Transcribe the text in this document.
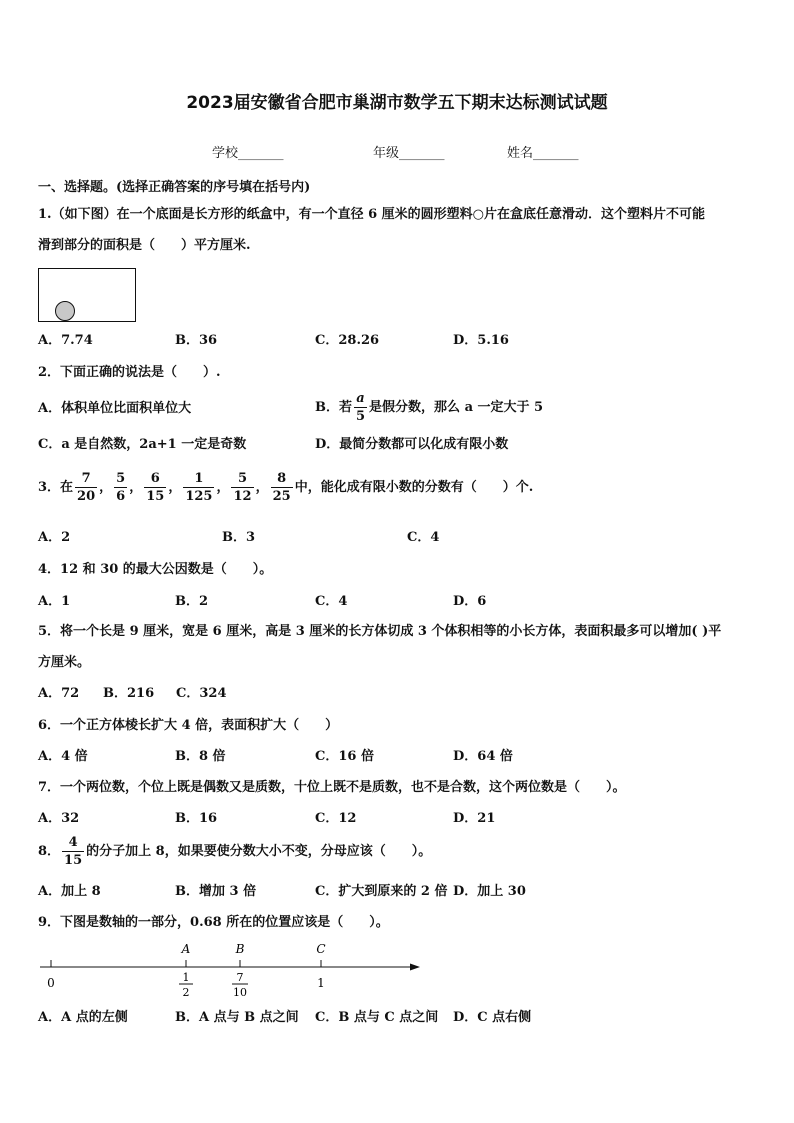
2023届安徽省合肥市巢湖市数学五下期末达标测试试题
学校_______	年级_______	姓名_______
一、选择题。(选择正确答案的序号填在括号内)
1.（如下图）在一个底面是长方形的纸盒中，有一个直径 6 厘米的圆形塑料○片在盒底任意滑动．这个塑料片不可能
滑到部分的面积是（　　）平方厘米.
A．7.74	B．36	C．28.26	D．5.16
2．下面正确的说法是（　　）.
A．体积单位比面积单位大	B．若 $\frac{a}{5}$ 是假分数，那么 a 一定大于 5
C．a 是自然数，2a+1 一定是奇数	D．最简分数都可以化成有限小数
3．在 $\frac{7}{20}$ ， $\frac{5}{6}$ ， $\frac{6}{15}$ ， $\frac{1}{125}$ ， $\frac{5}{12}$ ， $\frac{8}{25}$ 中，能化成有限小数的分数有（　　）个.
A．2	B．3	C．4
4．12 和 30 的最大公因数是（　　）。
A．1	B．2	C．4	D．6
5．将一个长是 9 厘米，宽是 6 厘米，高是 3 厘米的长方体切成 3 个体积相等的小长方体，表面积最多可以增加( )平
方厘米。
A．72 B．216 C．324
6．一个正方体棱长扩大 4 倍，表面积扩大（　　）
A．4 倍	B．8 倍	C．16 倍	D．64 倍
7．一个两位数，个位上既是偶数又是质数，十位上既不是质数，也不是合数，这个两位数是（　　）。
A．32	B．16	C．12	D．21
8． $\frac{4}{15}$ 的分子加上 8，如果要使分数大小不变，分母应该（　　）。
A．加上 8	B．增加 3 倍	C．扩大到原来的 2 倍 D．加上 30
9．下图是数轴的一部分，0.68 所在的位置应该是（　　）。
A	B	C
0	1
2
7
10
1
A．A 点的左侧	B．A 点与 B 点之间 C．B 点与 C 点之间 D．C 点右侧
